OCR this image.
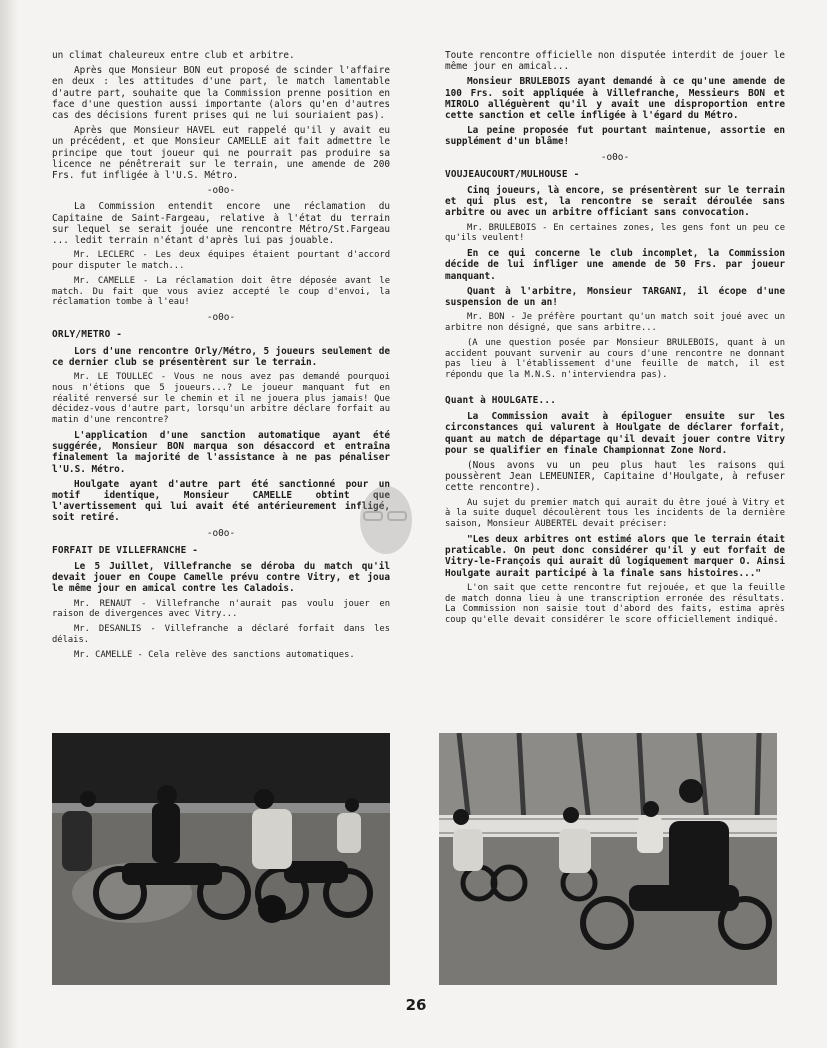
un climat chaleureux entre club et arbitre.

Après que Monsieur BON eut proposé de scinder l'affaire en deux : les attitudes d'une part, le match lamentable d'autre part, souhaite que la Commission prenne position en face d'une question aussi importante (alors qu'en d'autres cas des décisions furent prises qui ne lui souriaient pas).

Après que Monsieur HAVEL eut rappelé qu'il y avait eu un précédent, et que Monsieur CAMELLE ait fait admettre le principe que tout joueur qui ne pourrait pas produire sa licence ne pénêtrerait sur le terrain, une amende de 200 Frs. fut infligée à l'U.S. Métro.

-o0o-

La Commission entendit encore une réclamation du Capitaine de Saint-Fargeau, relative à l'état du terrain sur lequel se serait jouée une rencontre Métro/St.Fargeau ... ledit terrain n'étant d'après lui pas jouable.

Mr. LECLERC - Les deux équipes étaient pourtant d'accord pour disputer le match...

Mr. CAMELLE - La réclamation doit être déposée avant le match. Du fait que vous aviez accepté le coup d'envoi, la réclamation tombe à l'eau!

-o0o-
ORLY/METRO -

Lors d'une rencontre Orly/Métro, 5 joueurs seulement de ce dernier club se présentèrent sur le terrain.

Mr. LE TOULLEC - Vous ne nous avez pas demandé pourquoi nous n'étions que 5 joueurs...? Le joueur manquant fut en réalité renversé sur le chemin et il ne jouera plus jamais! Que décidez-vous d'autre part, lorsqu'un arbitre déclare forfait au matin d'une rencontre?

L'application d'une sanction automatique ayant été suggérée, Monsieur BON marqua son désaccord et entraîna finalement la majorité de l'assistance à ne pas pénaliser l'U.S. Métro.

Houlgate ayant d'autre part été sanctionné pour un motif identique, Monsieur CAMELLE obtint que l'avertissement qui lui avait été antérieurement infligé, soit retiré.

-o0o-
FORFAIT DE VILLEFRANCHE -

Le 5 Juillet, Villefranche se déroba du match qu'il devait jouer en Coupe Camelle prévu contre Vitry, et joua le même jour en amical contre les Caladois.

Mr. RENAUT - Villefranche n'aurait pas voulu jouer en raison de divergences avec Vitry...

Mr. DESANLIS - Villefranche a déclaré forfait dans les délais.

Mr. CAMELLE - Cela relève des sanctions automatiques.

Toute rencontre officielle non disputée interdit de jouer le même jour en amical...

Monsieur BRULEBOIS ayant demandé à ce qu'une amende de 100 Frs. soit appliquée à Villefranche, Messieurs BON et MIROLO alléguèrent qu'il y avait une disproportion entre cette sanction et celle infligée à l'égard du Métro.

La peine proposée fut pourtant maintenue, assortie en supplément d'un blâme!

-o0o-
VOUJEAUCOURT/MULHOUSE -

Cinq joueurs, là encore, se présentèrent sur le terrain et qui plus est, la rencontre se serait déroulée sans arbitre ou avec un arbitre officiant sans convocation.

Mr. BRULEBOIS - En certaines zones, les gens font un peu ce qu'ils veulent!

En ce qui concerne le club incomplet, la Commission décide de lui infliger une amende de 50 Frs. par joueur manquant.

Quant à l'arbitre, Monsieur TARGANI, il écope d'une suspension de un an!

Mr. BON - Je préfère pourtant qu'un match soit joué avec un arbitre non désigné, que sans arbitre...

(A une question posée par Monsieur BRULEBOIS, quant à un accident pouvant survenir au cours d'une rencontre ne donnant pas lieu à l'établissement d'une feuille de match, il est répondu que la M.N.S. n'interviendra pas).

Quant à HOULGATE...

La Commission avait à épiloguer ensuite sur les circonstances qui valurent à Houlgate de déclarer forfait, quant au match de départage qu'il devait jouer contre Vitry pour se qualifier en finale Championnat Zone Nord.

(Nous avons vu un peu plus haut les raisons qui poussèrent Jean LEMEUNIER, Capitaine d'Houlgate, à refuser cette rencontre).

Au sujet du premier match qui aurait du être joué à Vitry et à la suite duquel découlèrent tous les incidents de la dernière saison, Monsieur AUBERTEL devait préciser:

"Les deux arbitres ont estimé alors que le terrain était praticable. On peut donc considérer qu'il y eut forfait de Vitry-le-François qui aurait dû logiquement marquer O. Ainsi Houlgate aurait participé à la finale sans histoires..."

L'on sait que cette rencontre fut rejouée, et que la feuille de match donna lieu à une transcription erronée des résultats. La Commission non saisie tout d'abord des faits, estima après coup qu'elle devait considérer le score officiellement indiqué.

26
